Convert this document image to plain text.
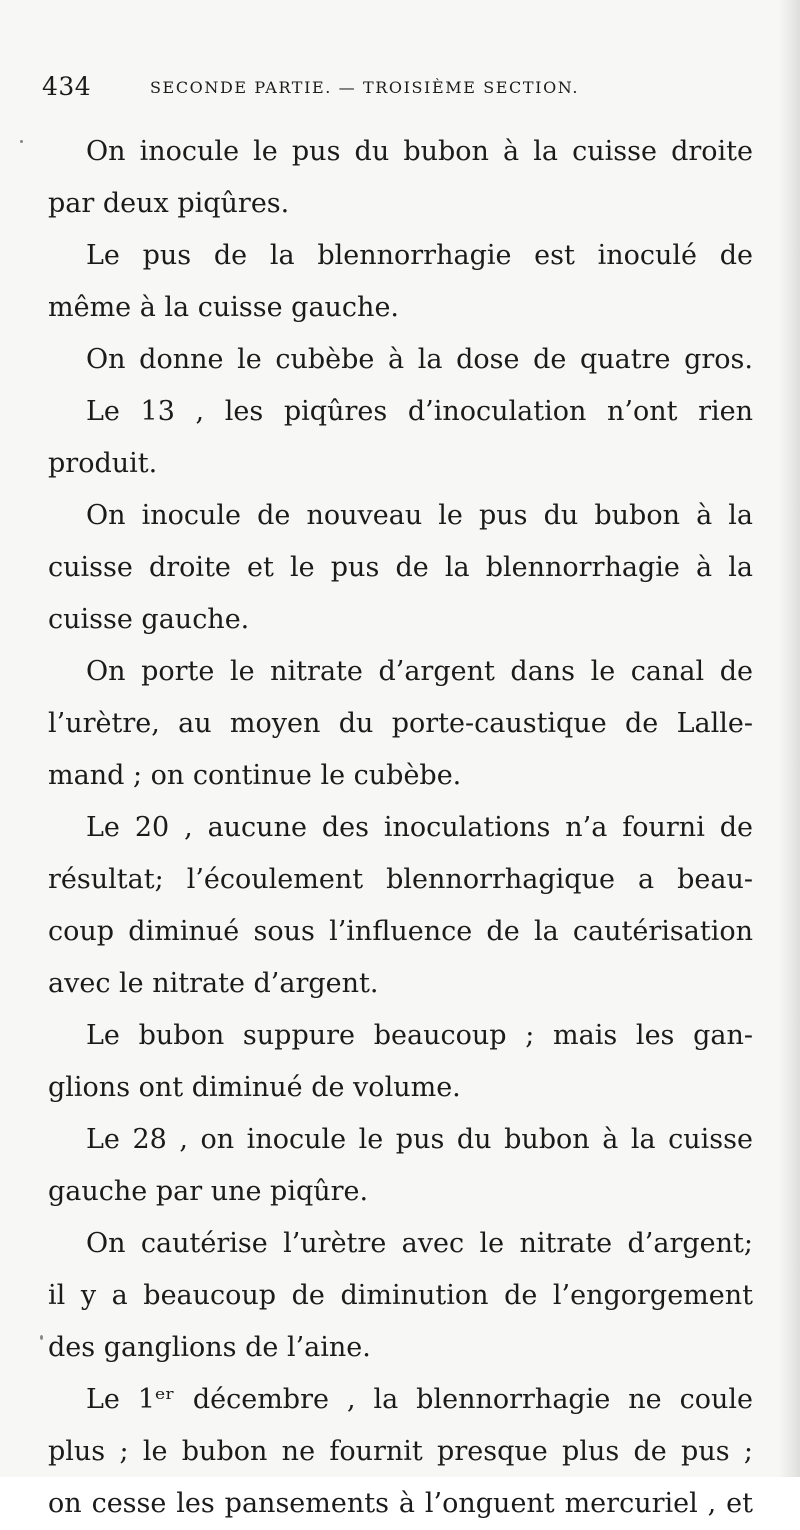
434	SECONDE PARTIE. — TROISIÈME SECTION.
On inocule le pus du bubon à la cuisse droite
par deux piqûres.
Le pus de la blennorrhagie est inoculé de
même à la cuisse gauche.
On donne le cubèbe à la dose de quatre gros.
Le 13 , les piqûres d’inoculation n’ont rien
produit.
On inocule de nouveau le pus du bubon à la
cuisse droite et le pus de la blennorrhagie à la
cuisse gauche.
On porte le nitrate d’argent dans le canal de
l’urètre, au moyen du porte-caustique de Lalle-
mand ; on continue le cubèbe.
Le 20 , aucune des inoculations n’a fourni de
résultat; l’écoulement blennorrhagique a beau-
coup diminué sous l’influence de la cautérisation
avec le nitrate d’argent.
Le bubon suppure beaucoup ; mais les gan-
glions ont diminué de volume.
Le 28 , on inocule le pus du bubon à la cuisse
gauche par une piqûre.
On cautérise l’urètre avec le nitrate d’argent;
il y a beaucoup de diminution de l’engorgement
des ganglions de l’aine.
Le 1ᵉʳ décembre , la blennorrhagie ne coule
plus ; le bubon ne fournit presque plus de pus ;
on cesse les pansements à l’onguent mercuriel , et
